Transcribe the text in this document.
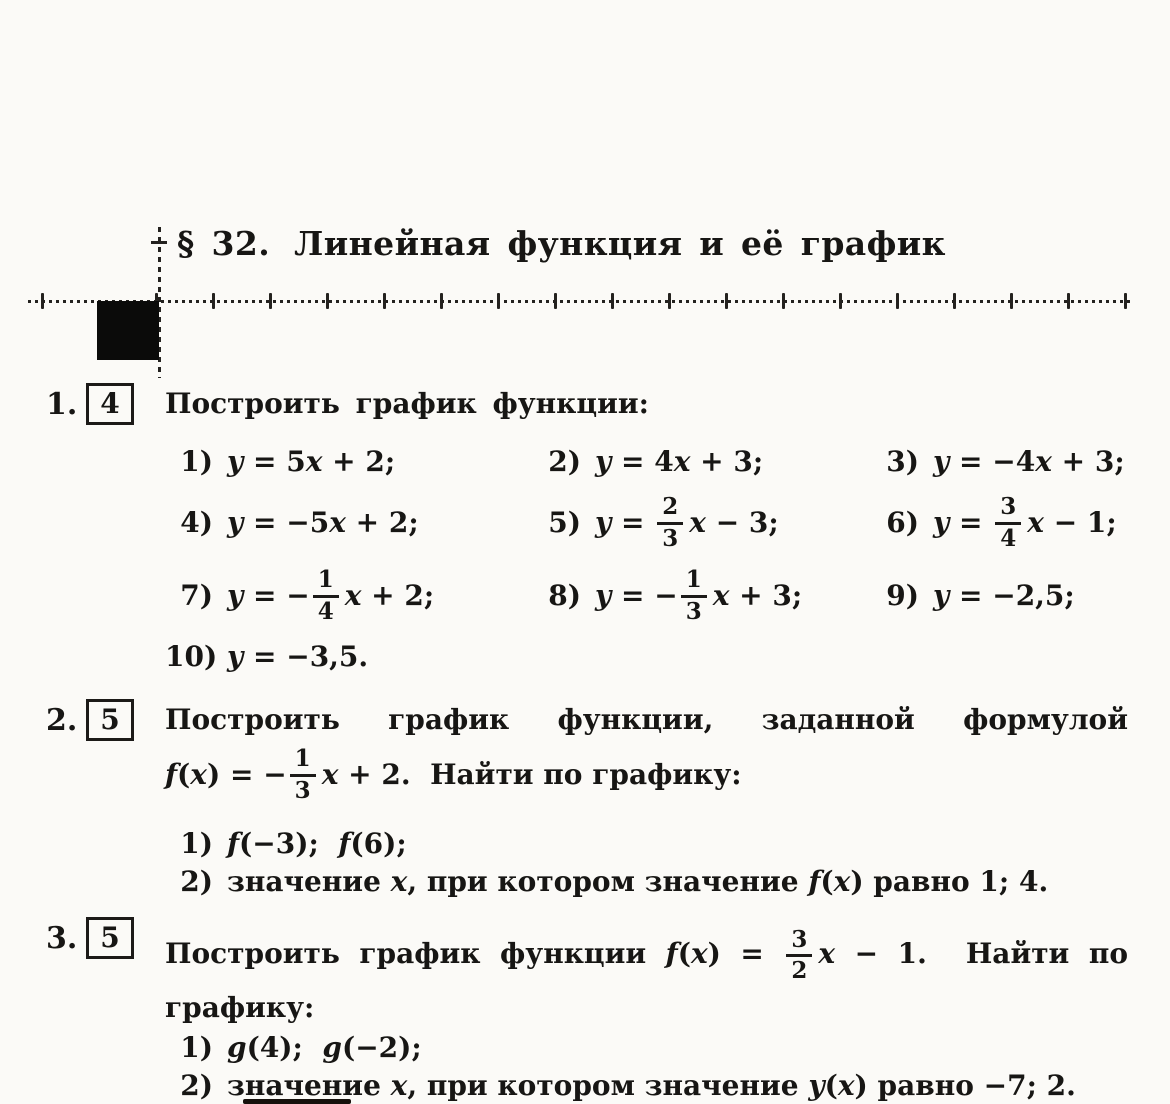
§ 32. Линейная функция и её график
1. 4	Построить график функции:
1) y = 5 x + 2;	2) y = 4 x + 3;	3) y = −4 x + 3;
4) y = −5 x + 2;	5) $y = \frac{2}{3}$ x − 3;	6) $y = \frac{3}{4}$ x − 1;
7) y = − $\frac{1}{4}$ x + 2;	8) y = − $\frac{1}{3}$ x + 3;	9) y = −2,5;
10) y = −3,5.
2. 5	Построить график функции, заданной формулой
f ( x ) = − $\frac{1}{3}$ x + 2. Найти по графику:
1) f (−3); f (6);
2) значение x , при котором значение f ( x ) равно 1; 4.
3. 5	Построить график функции $f(x) = \frac{3}{2}$ x − 1.  Найти по
графику:
1) g (4); g (−2);
2) значение x , при котором значение y ( x ) равно −7; 2.
